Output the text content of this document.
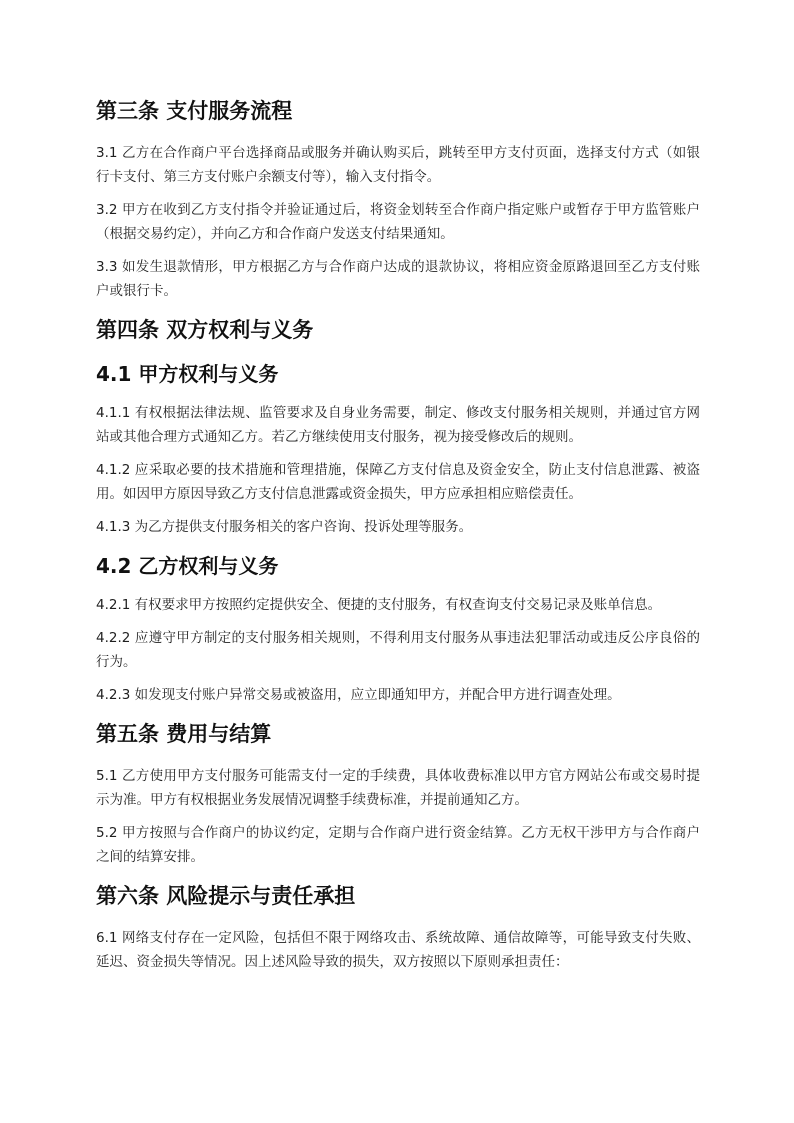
第三条 支付服务流程

3.1 乙方在合作商户平台选择商品或服务并确认购买后，跳转至甲方支付页面，选择支付方式（如银行卡支付、第三方支付账户余额支付等），输入支付指令。

3.2 甲方在收到乙方支付指令并验证通过后，将资金划转至合作商户指定账户或暂存于甲方监管账户（根据交易约定），并向乙方和合作商户发送支付结果通知。

3.3 如发生退款情形，甲方根据乙方与合作商户达成的退款协议，将相应资金原路退回至乙方支付账户或银行卡。

第四条 双方权利与义务
4.1 甲方权利与义务

4.1.1 有权根据法律法规、监管要求及自身业务需要，制定、修改支付服务相关规则，并通过官方网站或其他合理方式通知乙方。若乙方继续使用支付服务，视为接受修改后的规则。

4.1.2 应采取必要的技术措施和管理措施，保障乙方支付信息及资金安全，防止支付信息泄露、被盗用。如因甲方原因导致乙方支付信息泄露或资金损失，甲方应承担相应赔偿责任。

4.1.3 为乙方提供支付服务相关的客户咨询、投诉处理等服务。

4.2 乙方权利与义务

4.2.1 有权要求甲方按照约定提供安全、便捷的支付服务，有权查询支付交易记录及账单信息。

4.2.2 应遵守甲方制定的支付服务相关规则，不得利用支付服务从事违法犯罪活动或违反公序良俗的行为。

4.2.3 如发现支付账户异常交易或被盗用，应立即通知甲方，并配合甲方进行调查处理。

第五条 费用与结算

5.1 乙方使用甲方支付服务可能需支付一定的手续费，具体收费标准以甲方官方网站公布或交易时提示为准。甲方有权根据业务发展情况调整手续费标准，并提前通知乙方。

5.2 甲方按照与合作商户的协议约定，定期与合作商户进行资金结算。乙方无权干涉甲方与合作商户之间的结算安排。

第六条 风险提示与责任承担

6.1 网络支付存在一定风险，包括但不限于网络攻击、系统故障、通信故障等，可能导致支付失败、延迟、资金损失等情况。因上述风险导致的损失，双方按照以下原则承担责任：
